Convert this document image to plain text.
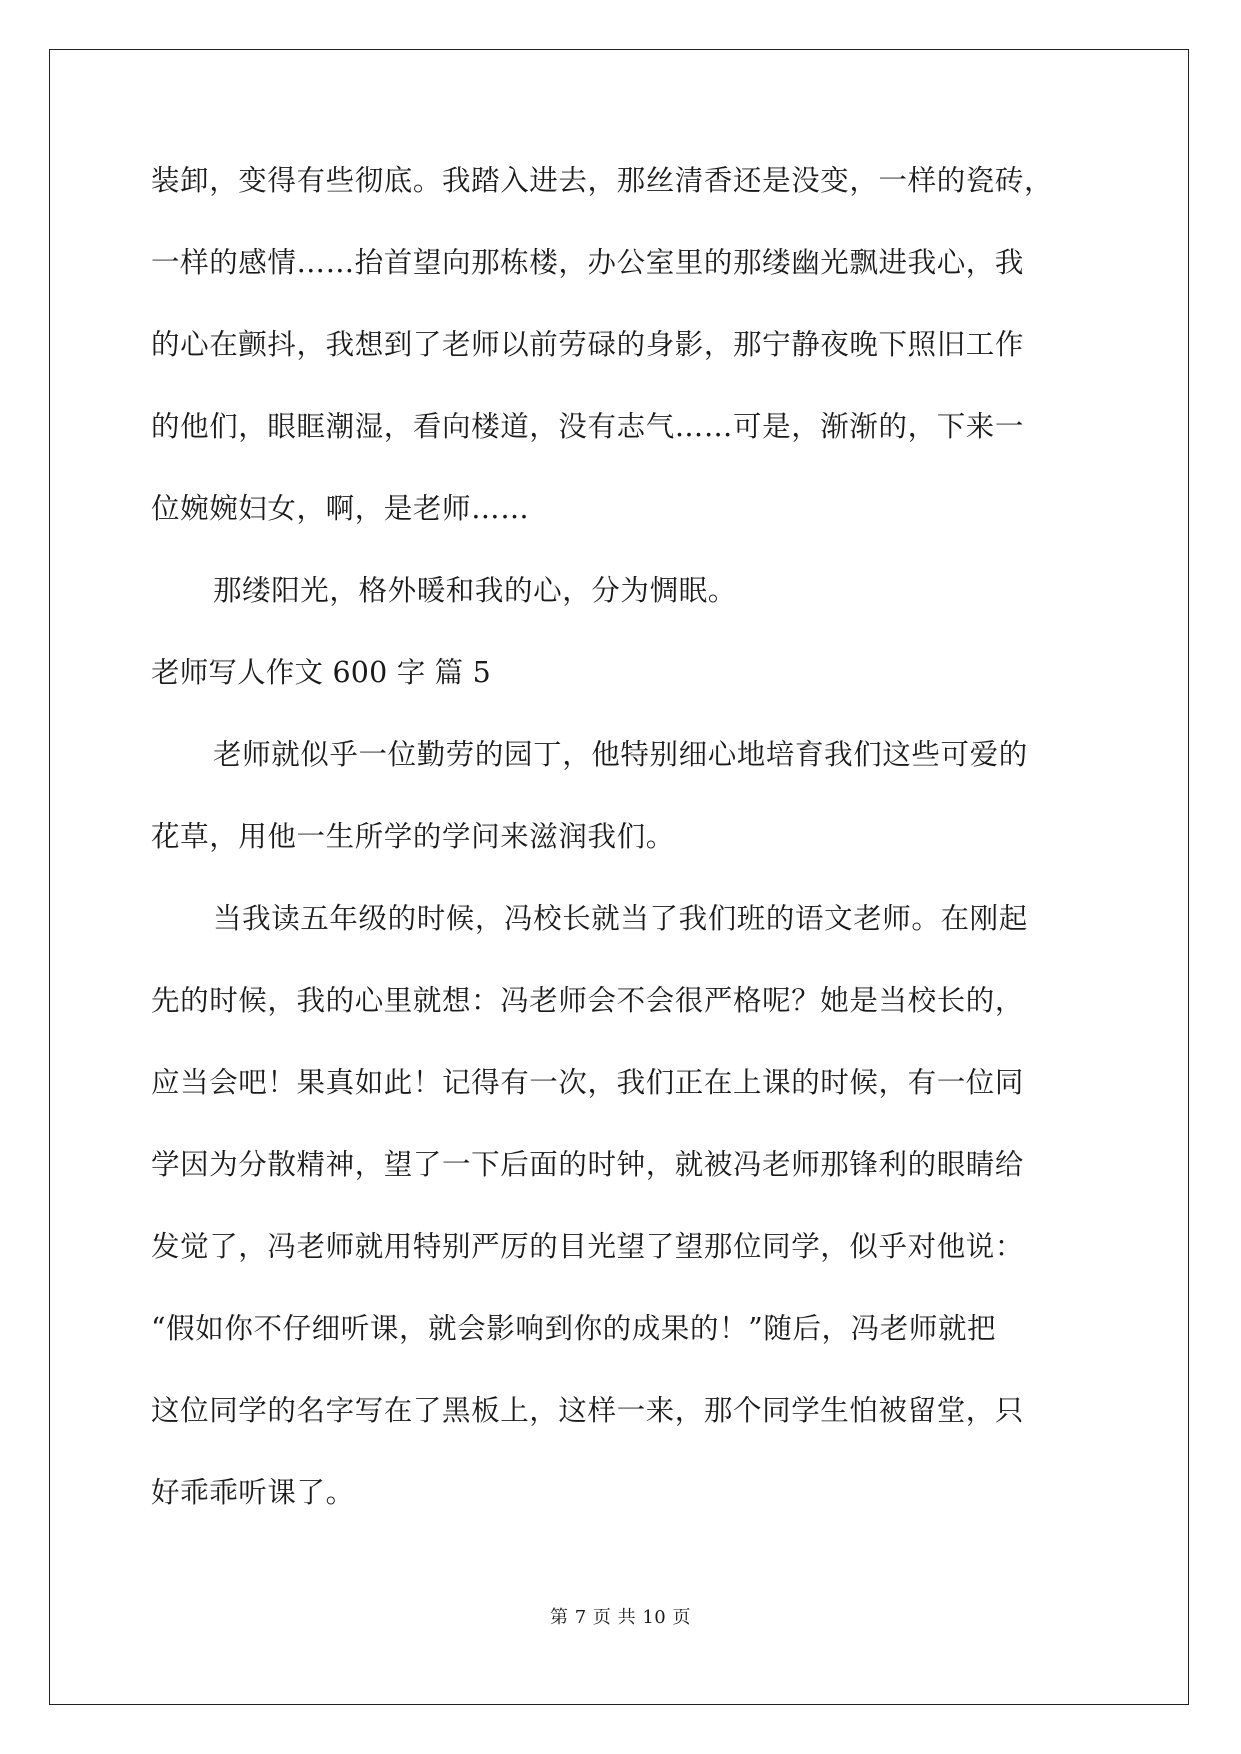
装卸，变得有些彻底。我踏入进去，那丝清香还是没变，一样的瓷砖，
一样的感情……抬首望向那栋楼，办公室里的那缕幽光飘进我心，我
的心在颤抖，我想到了老师以前劳碌的身影，那宁静夜晚下照旧工作
的他们，眼眶潮湿，看向楼道，没有志气……可是，渐渐的，下来一
位婉婉妇女，啊，是老师……
那缕阳光，格外暖和我的心，分为惆眠。
老师写人作文 600 字 篇 5
老师就似乎一位勤劳的园丁，他特别细心地培育我们这些可爱的
花草，用他一生所学的学问来滋润我们。
当我读五年级的时候，冯校长就当了我们班的语文老师。在刚起
先的时候，我的心里就想：冯老师会不会很严格呢？她是当校长的，
应当会吧！果真如此！记得有一次，我们正在上课的时候，有一位同
学因为分散精神，望了一下后面的时钟，就被冯老师那锋利的眼睛给
发觉了，冯老师就用特别严厉的目光望了望那位同学，似乎对他说：
“假如你不仔细听课，就会影响到你的成果的！”随后，冯老师就把
这位同学的名字写在了黑板上，这样一来，那个同学生怕被留堂，只
好乖乖听课了。
第 7 页 共 10 页
